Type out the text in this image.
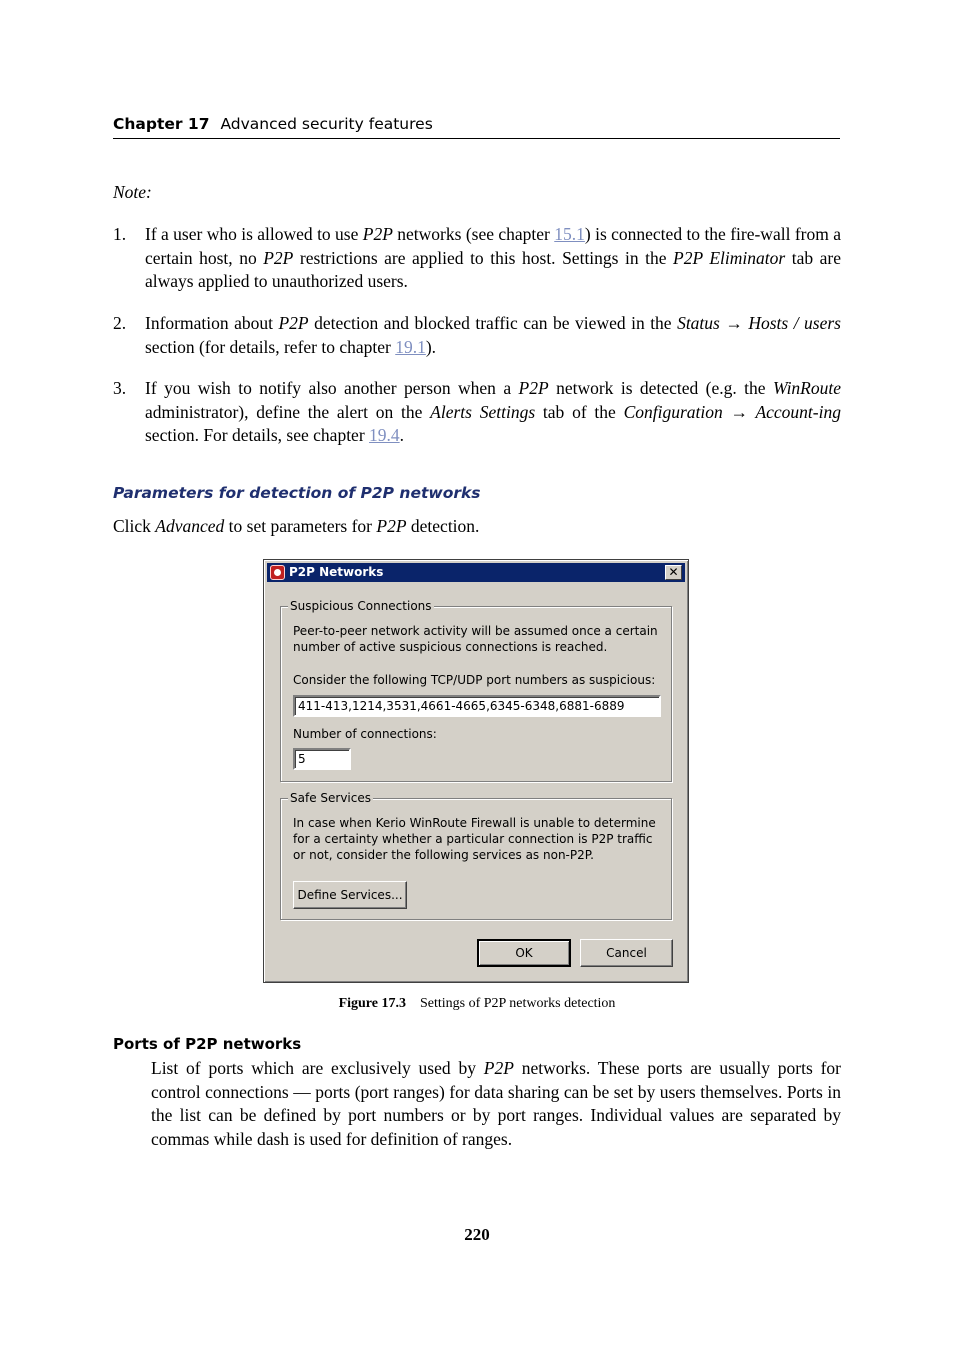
Chapter 17 Advanced security features
Note:
1. If a user who is allowed to use P2P networks (see chapter 15.1) is connected to the fire-wall from a certain host, no P2P restrictions are applied to this host. Settings in the P2P Eliminator tab are always applied to unauthorized users.
2. Information about P2P detection and blocked traffic can be viewed in the Status → Hosts / users section (for details, refer to chapter 19.1).
3. If you wish to notify also another person when a P2P network is detected (e.g. the WinRoute administrator), define the alert on the Alerts Settings tab of the Configuration → Account-ing section. For details, see chapter 19.4.
Parameters for detection of P2P networks
Click Advanced to set parameters for P2P detection.
P2P Networks	✕
Suspicious Connections
Peer-to-peer network activity will be assumed once a certain number of active suspicious connections is reached.
Consider the following TCP/UDP port numbers as suspicious:
411-413,1214,3531,4661-4665,6345-6348,6881-6889
Number of connections:
5
Safe Services
In case when Kerio WinRoute Firewall is unable to determine for a certainty whether a particular connection is P2P traffic or not, consider the following services as non-P2P.
Define Services...
OK	Cancel
Figure 17.3 Settings of P2P networks detection
Ports of P2P networks
List of ports which are exclusively used by P2P networks. These ports are usually ports for control connections — ports (port ranges) for data sharing can be set by users themselves. Ports in the list can be defined by port numbers or by port ranges. Individual values are separated by commas while dash is used for definition of ranges.
220
